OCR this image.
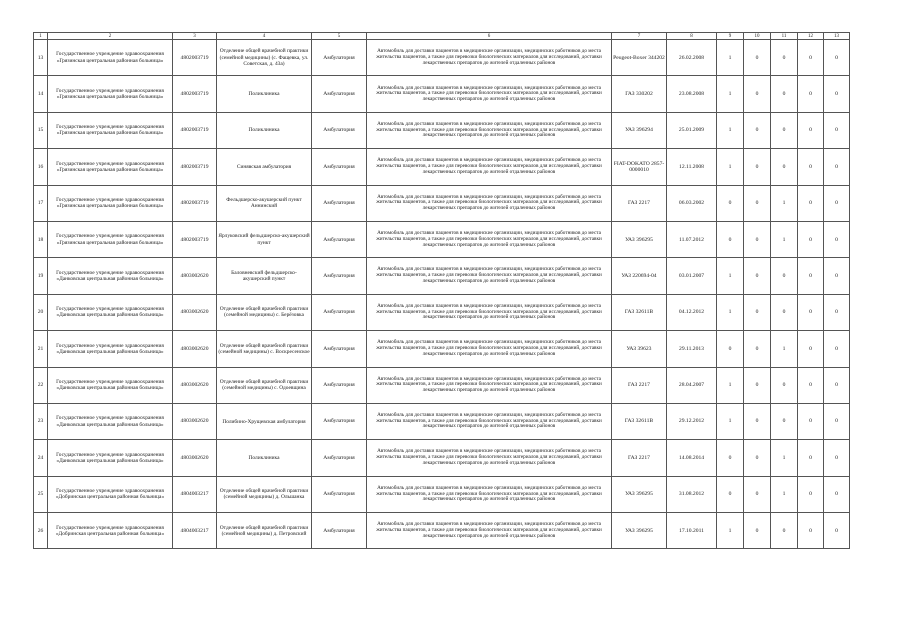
1	2	3	4	5	6	7	8	9	10	11	12	13
13	Государственное учреждение здравоохранения «Грязинская центральная районная больница»	4802003719	Отделение общей врачебной практики (семейной медицины) (с. Фащевка, ул. Советская, д. 43а)	Амбулатория	Автомобиль для доставки пациентов в медицинские организации, медицинских работников до места жительства пациентов, а также для перевозки биологических материалов для исследований, доставки лекарственных препаратов до жителей отдаленных районов	Peugeot-Boxer 344202	26.02.2008	1	0	0	0	0
14	Государственное учреждение здравоохранения «Грязинская центральная районная больница»	4802003719	Поликлиника	Амбулатория	Автомобиль для доставки пациентов в медицинские организации, медицинских работников до места жительства пациентов, а также для перевозки биологических материалов для исследований, доставки лекарственных препаратов до жителей отдаленных районов	ГАЗ 330202	23.08.2008	1	0	0	0	0
15	Государственное учреждение здравоохранения «Грязинская центральная районная больница»	4802003719	Поликлиника	Амбулатория	Автомобиль для доставки пациентов в медицинские организации, медицинских работников до места жительства пациентов, а также для перевозки биологических материалов для исследований, доставки лекарственных препаратов до жителей отдаленных районов	УАЗ 396294	25.01.2009	1	0	0	0	0
16	Государственное учреждение здравоохранения «Грязинская центральная районная больница»	4802003719	Синявская амбулатория	Амбулатория	Автомобиль для доставки пациентов в медицинские организации, медицинских работников до места жительства пациентов, а также для перевозки биологических материалов для исследований, доставки лекарственных препаратов до жителей отдаленных районов	FIAT-DOKATO 2857-0000010	12.11.2008	1	0	0	0	0
17	Государственное учреждение здравоохранения «Грязинская центральная районная больница»	4802003719	Фельдшерско-акушерский пункт Аннинский	Амбулатория	Автомобиль для доставки пациентов в медицинские организации, медицинских работников до места жительства пациентов, а также для перевозки биологических материалов для исследований, доставки лекарственных препаратов до жителей отдаленных районов	ГАЗ 2217	06.03.2002	0	0	1	0	0
18	Государственное учреждение здравоохранения «Грязинская центральная районная больница»	4802003719	Ярлуковский фельдшерско-акушерский пункт	Амбулатория	Автомобиль для доставки пациентов в медицинские организации, медицинских работников до места жительства пациентов, а также для перевозки биологических материалов для исследований, доставки лекарственных препаратов до жителей отдаленных районов	УАЗ 396295	11.07.2012	0	0	1	0	0
19	Государственное учреждение здравоохранения «Данковская центральная районная больница»	4803002620	Баловневский фельдшерско-акушерский пункт	Амбулатория	Автомобиль для доставки пациентов в медицинские организации, медицинских работников до места жительства пациентов, а также для перевозки биологических материалов для исследований, доставки лекарственных препаратов до жителей отдаленных районов	УАЗ 220694-04	03.01.2007	1	0	0	0	0
20	Государственное учреждение здравоохранения «Данковская центральная районная больница»	4803002620	Отделение общей врачебной практики (семейной медицины) с. Берёзовка	Амбулатория	Автомобиль для доставки пациентов в медицинские организации, медицинских работников до места жительства пациентов, а также для перевозки биологических материалов для исследований, доставки лекарственных препаратов до жителей отдаленных районов	ГАЗ 32611В	04.12.2012	1	0	0	0	0
21	Государственное учреждение здравоохранения «Данковская центральная районная больница»	4803002620	Отделение общей врачебной практики (семейной медицины) с. Воскресенское	Амбулатория	Автомобиль для доставки пациентов в медицинские организации, медицинских работников до места жительства пациентов, а также для перевозки биологических материалов для исследований, доставки лекарственных препаратов до жителей отдаленных районов	УАЗ 39623	29.11.2013	0	0	1	0	0
22	Государственное учреждение здравоохранения «Данковская центральная районная больница»	4803002620	Отделение общей врачебной практики (семейной медицины) с. Одоевщина	Амбулатория	Автомобиль для доставки пациентов в медицинские организации, медицинских работников до места жительства пациентов, а также для перевозки биологических материалов для исследований, доставки лекарственных препаратов до жителей отдаленных районов	ГАЗ 2217	28.04.2007	1	0	0	0	0
23	Государственное учреждение здравоохранения «Данковская центральная районная больница»	4803002620	Полибино-Хрущевская амбулатория	Амбулатория	Автомобиль для доставки пациентов в медицинские организации, медицинских работников до места жительства пациентов, а также для перевозки биологических материалов для исследований, доставки лекарственных препаратов до жителей отдаленных районов	ГАЗ 32611В	29.12.2012	1	0	0	0	0
24	Государственное учреждение здравоохранения «Данковская центральная районная больница»	4803002620	Поликлиника	Амбулатория	Автомобиль для доставки пациентов в медицинские организации, медицинских работников до места жительства пациентов, а также для перевозки биологических материалов для исследований, доставки лекарственных препаратов до жителей отдаленных районов	ГАЗ 2217	14.08.2014	0	0	1	0	0
25	Государственное учреждение здравоохранения «Добринская центральная районная больница»	4804003217	Отделение общей врачебной практики (семейной медицины) д. Ольшанка	Амбулатория	Автомобиль для доставки пациентов в медицинские организации, медицинских работников до места жительства пациентов, а также для перевозки биологических материалов для исследований, доставки лекарственных препаратов до жителей отдаленных районов	УАЗ 396295	31.08.2012	0	0	1	0	0
26	Государственное учреждение здравоохранения «Добринская центральная районная больница»	4804003217	Отделение общей врачебной практики (семейной медицины) д. Петровский	Амбулатория	Автомобиль для доставки пациентов в медицинские организации, медицинских работников до места жительства пациентов, а также для перевозки биологических материалов для исследований, доставки лекарственных препаратов до жителей отдаленных районов	УАЗ 396295	17.10.2011	1	0	0	0	0
